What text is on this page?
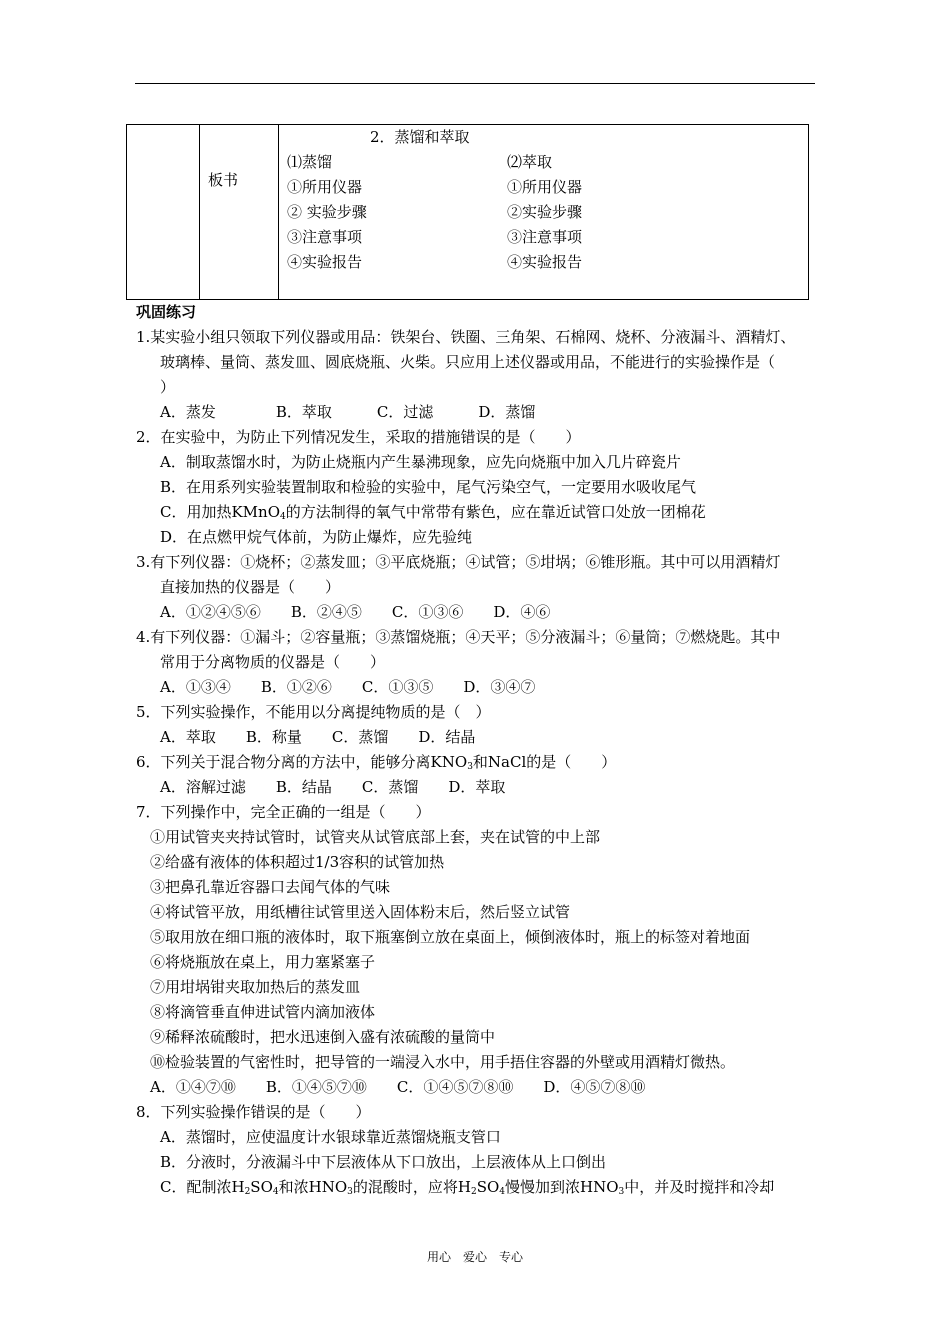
板书
2．蒸馏和萃取
⑴蒸馏	⑵萃取
①所用仪器
② 实验步骤
③注意事项
④实验报告
①所用仪器
②实验步骤
③注意事项
④实验报告
巩固练习
1.某实验小组只领取下列仪器或用品：铁架台、铁圈、三角架、石棉网、烧杯、分液漏斗、酒精灯、
玻璃棒、量筒、蒸发皿、圆底烧瓶、火柴。只应用上述仪器或用品，不能进行的实验操作是（
）
A．蒸发　　　　B．萃取　　　C．过滤　　　D．蒸馏
2．在实验中，为防止下列情况发生，采取的措施错误的是（　　）
A．制取蒸馏水时，为防止烧瓶内产生暴沸现象，应先向烧瓶中加入几片碎瓷片
B．在用系列实验装置制取和检验的实验中，尾气污染空气，一定要用水吸收尾气
C．用加热KMnO$_4$的方法制得的氧气中常带有紫色，应在靠近试管口处放一团棉花
D．在点燃甲烷气体前，为防止爆炸，应先验纯
3.有下列仪器：①烧杯；②蒸发皿；③平底烧瓶；④试管；⑤坩埚；⑥锥形瓶。其中可以用酒精灯
直接加热的仪器是（　　）
A．①②④⑤⑥　　B．②④⑤　　C．①③⑥　　D．④⑥
4.有下列仪器：①漏斗；②容量瓶；③蒸馏烧瓶；④天平；⑤分液漏斗；⑥量筒；⑦燃烧匙。其中
常用于分离物质的仪器是（　　）
A．①③④　　B．①②⑥　　C．①③⑤　　D．③④⑦
5．下列实验操作，不能用以分离提纯物质的是（　）
A．萃取　　B．称量　　C．蒸馏　　D．结晶
6．下列关于混合物分离的方法中，能够分离$KNO_3$和NaCl的是（　　）
A．溶解过滤　　B．结晶　　C．蒸馏　　D．萃取
7．下列操作中，完全正确的一组是（　　）
①用试管夹夹持试管时，试管夹从试管底部上套，夹在试管的中上部
②给盛有液体的体积超过1/3容积的试管加热
③把鼻孔靠近容器口去闻气体的气味
④将试管平放，用纸槽往试管里送入固体粉末后，然后竖立试管
⑤取用放在细口瓶的液体时，取下瓶塞倒立放在桌面上，倾倒液体时，瓶上的标签对着地面
⑥将烧瓶放在桌上，用力塞紧塞子
⑦用坩埚钳夹取加热后的蒸发皿
⑧将滴管垂直伸进试管内滴加液体
⑨稀释浓硫酸时，把水迅速倒入盛有浓硫酸的量筒中
⑩检验装置的气密性时，把导管的一端浸入水中，用手捂住容器的外壁或用酒精灯微热。
A．①④⑦⑩　　B．①④⑤⑦⑩　　C．①④⑤⑦⑧⑩　　D．④⑤⑦⑧⑩
8．下列实验操作错误的是（　　）
A．蒸馏时，应使温度计水银球靠近蒸馏烧瓶支管口
B．分液时，分液漏斗中下层液体从下口放出，上层液体从上口倒出
C．配制浓$H_2SO_4$和浓$HNO_3$的混酸时，应将$H_2SO_4$慢慢加到浓$HNO_3$中，并及时搅拌和冷却
用心　爱心　专心
